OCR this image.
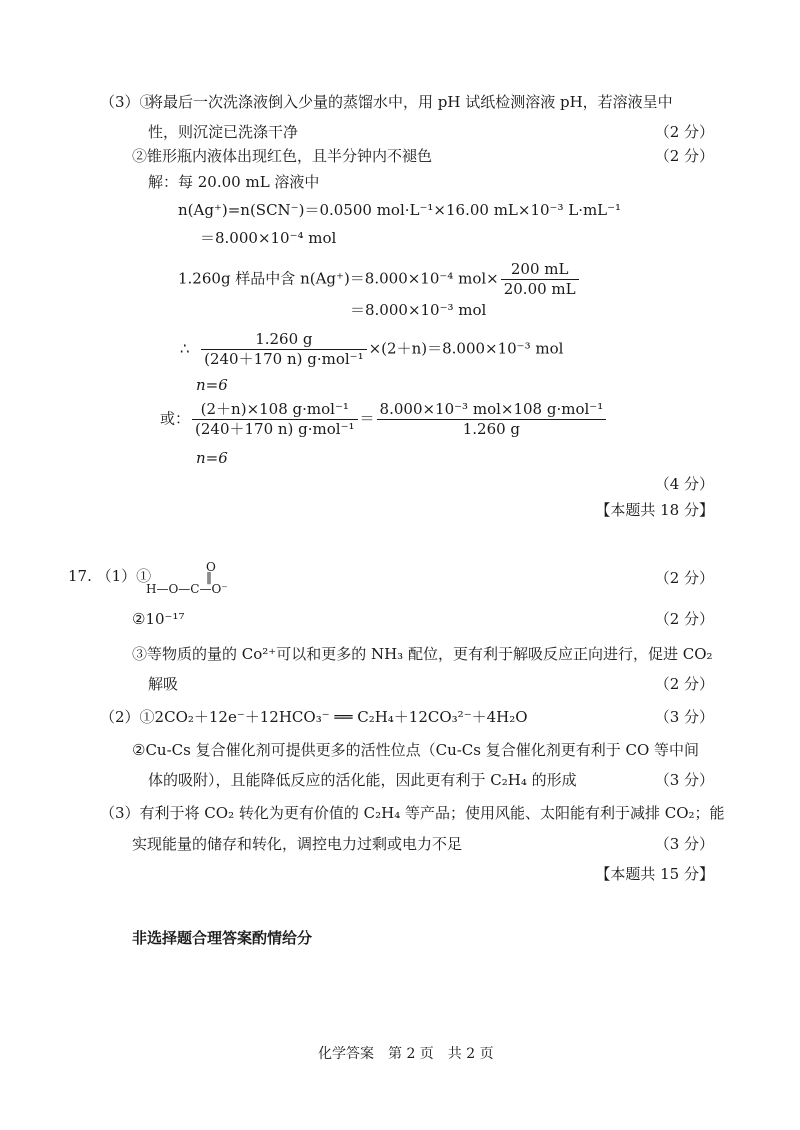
（3）①
将最后一次洗涤液倒入少量的蒸馏水中，用 pH 试纸检测溶液 pH，若溶液呈中
性，则沉淀已洗涤干净	（2 分）
②锥形瓶内液体出现红色，且半分钟内不褪色	（2 分）
解：每 20.00 mL 溶液中
n(Ag⁺)=n(SCN⁻)＝0.0500 mol·L⁻¹×16.00 mL×10⁻³ L·mL⁻¹
＝8.000×10⁻⁴ mol
1.260g 样品中含 n(Ag⁺)＝8.000×10⁻⁴ $mol\times \frac{200 mL}{20.00 mL}$
＝8.000×10⁻³ mol
∴ $\frac{1.260 g}{\text{(240＋170 n) g·mol⁻¹}} \times(2+n)=8.000\times 10^{-3}$ mol
n=6
或： $\frac{\text{(2＋n)×108 g·mol⁻¹}}{\text{(240＋170 n) g·mol⁻¹}} = \frac{\text{8.000×10⁻³ mol×108 g·mol⁻¹}}{1.260 g}$
n=6
（4 分）
【本题共 18 分】
17. （1）①	O
‖
H—O—C—O⁻
（2 分）
②10⁻¹⁷	（2 分）
③等物质的量的 Co²⁺可以和更多的 NH₃ 配位，更有利于解吸反应正向进行，促进 CO₂
解吸	（2 分）
（2）①2CO₂＋12e⁻＋12HCO₃⁻ ══ C₂H₄＋12CO₃²⁻＋4H₂O	（3 分）
②Cu-Cs 复合催化剂可提供更多的活性位点（Cu-Cs 复合催化剂更有利于 CO 等中间
体的吸附），且能降低反应的活化能，因此更有利于 C₂H₄ 的形成	（3 分）
（3）有利于将 CO₂ 转化为更有价值的 C₂H₄ 等产品；使用风能、太阳能有利于减排 CO₂；能
实现能量的储存和转化，调控电力过剩或电力不足	（3 分）
【本题共 15 分】
非选择题合理答案酌情给分
化学答案　第 2 页　共 2 页
